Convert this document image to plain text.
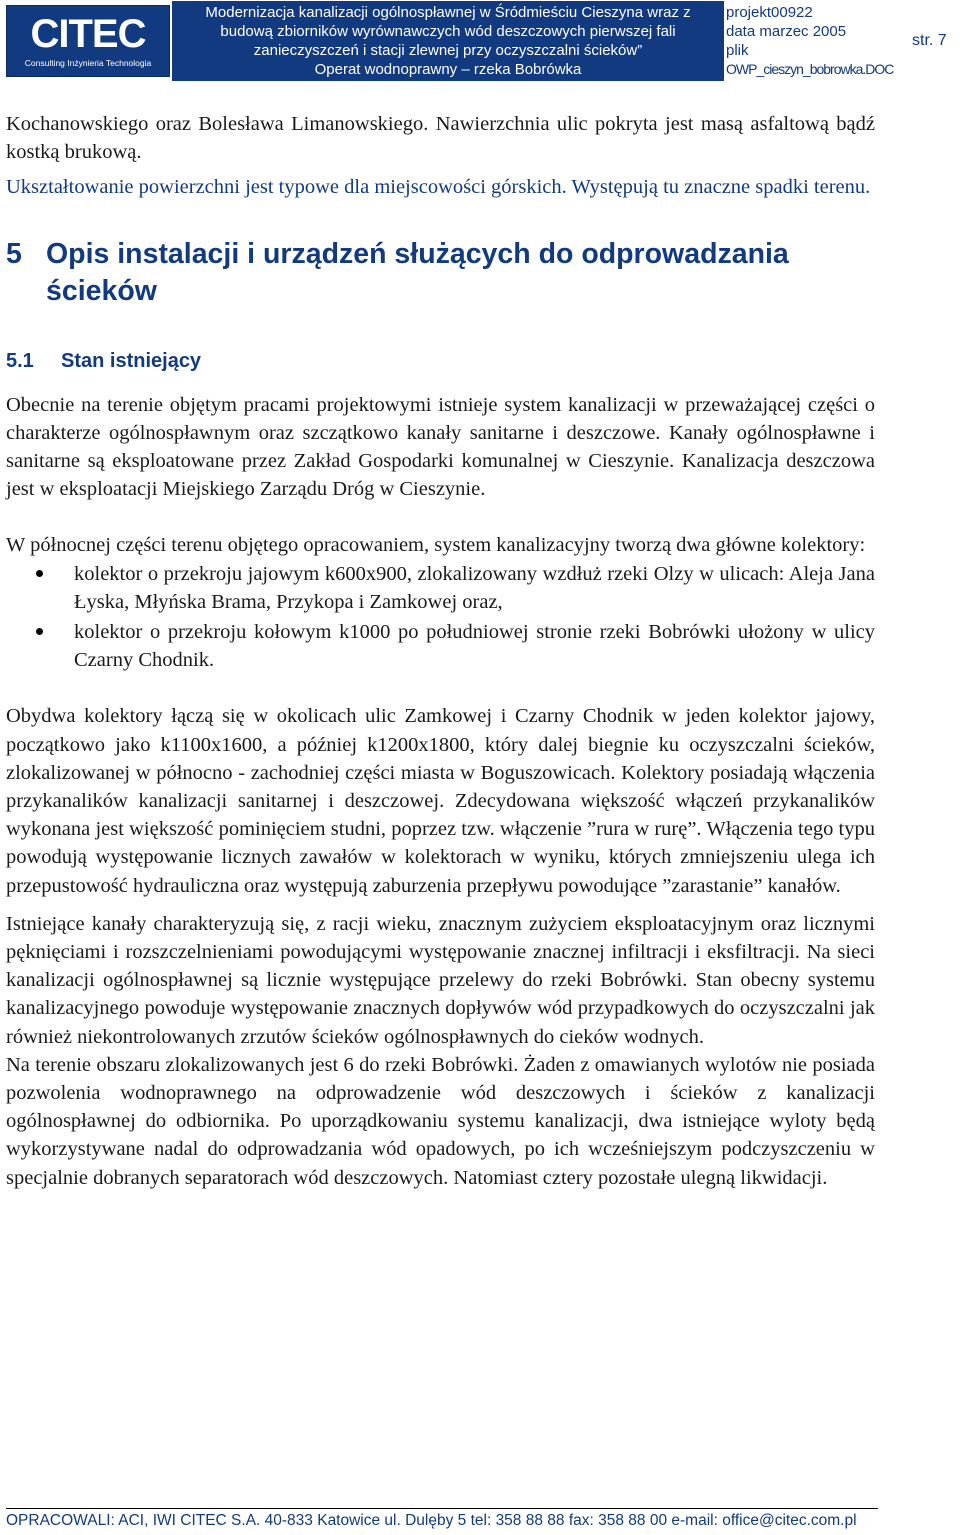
CITEC
Consulting Inżynieria Technologia
Modernizacja kanalizacji ogólnospławnej w Śródmieściu Cieszyna wraz z
budową zbiorników wyrównawczych wód deszczowych pierwszej fali
zanieczyszczeń i stacji zlewnej przy oczyszczalni ścieków”
Operat wodnoprawny – rzeka Bobrówka
projekt00922
data marzec 2005
plik
OWP_cieszyn_bobrowka.DOC
str. 7

Kochanowskiego oraz Bolesława Limanowskiego. Nawierzchnia ulic pokryta jest masą asfaltową bądź kostką brukową.

Ukształtowanie powierzchni jest typowe dla miejscowości górskich. Występują tu znaczne spadki terenu.

5 Opis instalacji i urządzeń służących do odprowadzania ścieków
5.1 Stan istniejący

Obecnie na terenie objętym pracami projektowymi istnieje system kanalizacji w przeważającej części o charakterze ogólnospławnym oraz szczątkowo kanały sanitarne i deszczowe. Kanały ogólnospławne i sanitarne są eksploatowane przez Zakład Gospodarki komunalnej w Cieszynie. Kanalizacja deszczowa jest w eksploatacji Miejskiego Zarządu Dróg w Cieszynie.

W północnej części terenu objętego opracowaniem, system kanalizacyjny tworzą dwa główne kolektory:

kolektor o przekroju jajowym k600x900, zlokalizowany wzdłuż rzeki Olzy w ulicach: Aleja Jana Łyska, Młyńska Brama, Przykopa i Zamkowej oraz,
kolektor o przekroju kołowym k1000 po południowej stronie rzeki Bobrówki ułożony w ulicy Czarny Chodnik.

Obydwa kolektory łączą się w okolicach ulic Zamkowej i Czarny Chodnik w jeden kolektor jajowy, początkowo jako k1100x1600, a później k1200x1800, który dalej biegnie ku oczyszczalni ścieków, zlokalizowanej w północno - zachodniej części miasta w Boguszowicach. Kolektory posiadają włączenia przykanalików kanalizacji sanitarnej i deszczowej. Zdecydowana większość włączeń przykanalików wykonana jest większość pominięciem studni, poprzez tzw. włączenie ”rura w rurę”. Włączenia tego typu powodują występowanie licznych zawałów w kolektorach w wyniku, których zmniejszeniu ulega ich przepustowość hydrauliczna oraz występują zaburzenia przepływu powodujące ”zarastanie” kanałów.

Istniejące kanały charakteryzują się, z racji wieku, znacznym zużyciem eksploatacyjnym oraz licznymi pęknięciami i rozszczelnieniami powodującymi występowanie znacznej infiltracji i eksfiltracji. Na sieci kanalizacji ogólnospławnej są licznie występujące przelewy do rzeki Bobrówki. Stan obecny systemu kanalizacyjnego powoduje występowanie znacznych dopływów wód przypadkowych do oczyszczalni jak również niekontrolowanych zrzutów ścieków ogólnospławnych do cieków wodnych.

Na terenie obszaru zlokalizowanych jest 6 do rzeki Bobrówki. Żaden z omawianych wylotów nie posiada pozwolenia wodnoprawnego na odprowadzenie wód deszczowych i ścieków z kanalizacji ogólnospławnej do odbiornika. Po uporządkowaniu systemu kanalizacji, dwa istniejące wyloty będą wykorzystywane nadal do odprowadzania wód opadowych, po ich wcześniejszym podczyszczeniu w specjalnie dobranych separatorach wód deszczowych. Natomiast cztery pozostałe ulegną likwidacji.

OPRACOWALI: ACI, IWI CITEC S.A. 40-833 Katowice ul. Dulęby 5 tel: 358 88 88 fax: 358 88 00 e-mail: office@citec.com.pl
